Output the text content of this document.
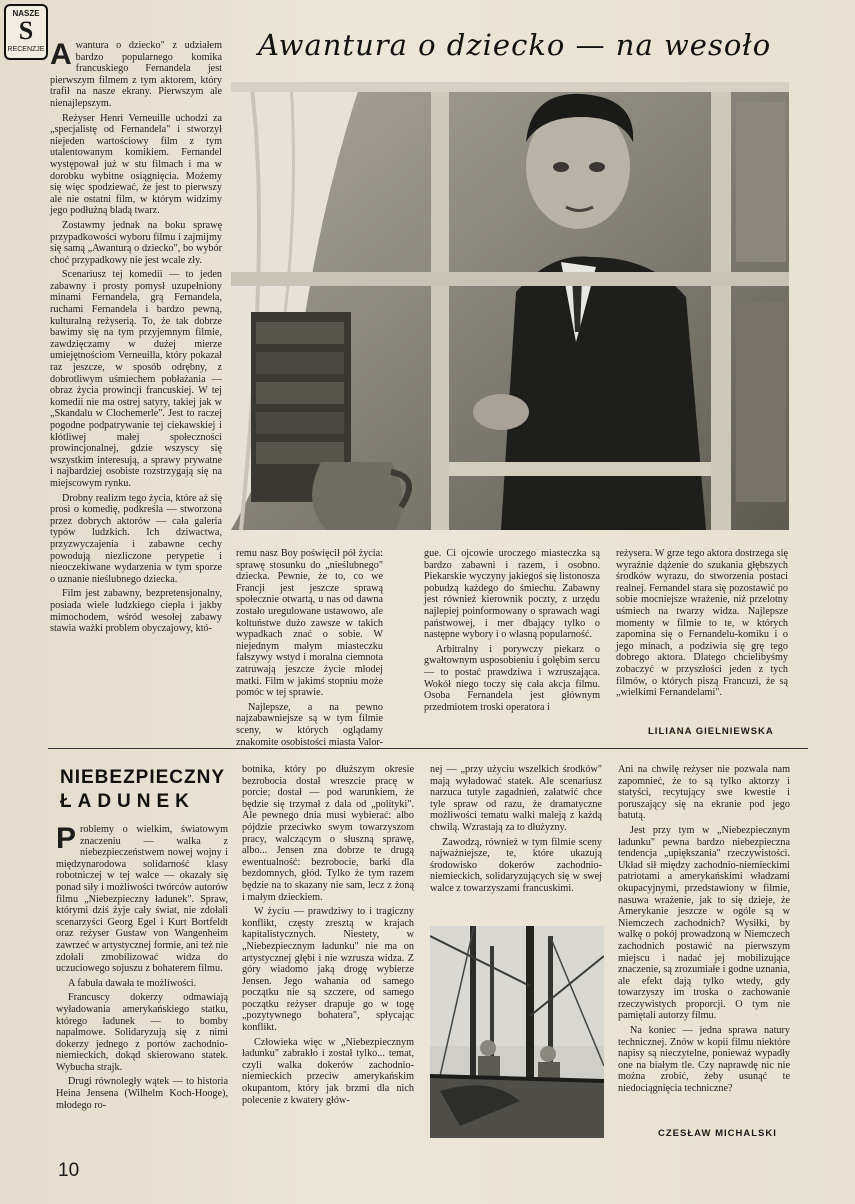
NASZE
S
RECENZJE	Awantura o dziecko — na wesoło

Awantura o dziecko" z udziałem bardzo popularnego komika francuskiego Fernandela jest pierwszym filmem z tym aktorem, który trafił na nasze ekrany. Pierwszym ale nienajlepszym.

Reżyser Henri Verneuille uchodzi za „specjalistę od Fernandela" i stworzył niejeden wartościowy film z tym utalentowanym komikiem. Fernandel występował już w stu filmach i ma w dorobku wybitne osiągnięcia. Możemy się więc spodziewać, że jest to pierwszy ale nie ostatni film, w którym widzimy jego podłużną bladą twarz.

Zostawmy jednak na boku sprawę przypadkowości wyboru filmu i zajmijmy się samą „Awanturą o dziecko", bo wybór choć przypadkowy nie jest wcale zły.

Scenariusz tej komedii — to jeden zabawny i prosty pomysł uzupełniony minami Fernandela, grą Fernandela, ruchami Fernandela i bardzo pewną, kulturalną reżyserią. To, że tak dobrze bawimy się na tym przyjemnym filmie, zawdzięczamy w dużej mierze umiejętnościom Verneuilla, który pokazał raz jeszcze, w sposób odrębny, z dobrotliwym uśmiechem pobłażania — obraz życia prowincji francuskiej. W tej komedii nie ma ostrej satyry, takiej jak w „Skandalu w Clochemerle". Jest to raczej pogodne podpatrywanie tej ciekawskiej i kłótliwej małej społeczności prowincjonalnej, gdzie wszyscy się wszystkim interesują, a sprawy prywatne i najbardziej osobiste rozstrzygają się na miejscowym rynku.

Drobny realizm tego życia, które aż się prosi o komedię, podkreśla — stworzona przez dobrych aktorów — cała galeria typów ludzkich. Ich dziwactwa, przyzwyczajenia i zabawne cechy powodują niezliczone perypetie i nieoczekiwane wydarzenia w tym sporze o uznanie nieślubnego dziecka.

Film jest zabawny, bezpretensjonalny, posiada wiele ludzkiego ciepła i jakby mimochodem, wśród wesołej zabawy stawia ważki problem obyczajowy, któ-

remu nasz Boy poświęcił pół życia: sprawę stosunku do „nieślubnego" dziecka. Pewnie, że to, co we Francji jest jeszcze sprawą społecznie otwartą, u nas od dawna zostało uregulowane ustawowo, ale koltuństwe dużo zawsze w takich wypadkach znać o sobie. W niejednym małym miasteczku fałszywy wstyd i moralna ciemnota zatruwają jeszcze życie młodej matki. Film w jakimś stopniu może pomóc w tej sprawie.

Najlepsze, a na pewno najzabawniejsze są w tym filmie sceny, w których oglądamy znakomite osobistości miasta Valor-

gue. Ci ojcowie uroczego miasteczka są bardzo zabawni i razem, i osobno. Piekarskie wyczyny jakiegoś się listonosza pobudzą każdego do śmiechu. Zabawny jest również kierownik poczty, z urzędu najlepiej poinformowany o sprawach wagi państwowej, i mer dbający tylko o następne wybory i o własną popularność.

Arbitralny i porywczy piekarz o gwałtownym usposobieniu i gołębim sercu — to postać prawdziwa i wzruszająca. Wokół niego toczy się cała akcja filmu. Osoba Fernandela jest głównym przedmiotem troski operatora i

reżysera. W grze tego aktora dostrzega się wyraźnie dążenie do szukania głębszych środków wyrazu, do stworzenia postaci realnej. Fernandel stara się pozostawić po sobie mocniejsze wrażenie, niż przelotny uśmiech na twarzy widza. Najlepsze momenty w filmie to te, w których zapomina się o Fernandelu-komiku i o jego minach, a podziwia się grę tego dobrego aktora. Dlatego chcielibyśmy zobaczyć w przyszłości jeden z tych filmów, o których piszą Francuzi, że są „wielkimi Fernandelami".

LILIANA GIELNIEWSKA
NIEBEZPIECZNY
ŁADUNEK

Problemy o wielkim, światowym znaczeniu — walka z niebezpieczeństwem nowej wojny i międzynarodowa solidarność klasy robotniczej w tej walce — okazały się ponad siły i możliwości twórców autorów filmu „Niebezpieczny ładunek". Spraw, którymi dziś żyje cały świat, nie zdołali scenarzyści Georg Egel i Kurt Bortfeldt oraz reżyser Gustaw von Wangenheim zawrzeć w artystycznej formie, ani też nie zdołali zmobilizować widza do uczuciowego sojuszu z bohaterem filmu.

A fabuła dawała te możliwości.

Francuscy dokerzy odmawiają wyładowania amerykańskiego statku, którego ładunek — to bomby napalmowe. Solidaryzują się z nimi dokerzy jednego z portów zachodnio-niemieckich, dokąd skierowano statek. Wybucha strajk.

Drugi równoległy wątek — to historia Heina Jensena (Wilhelm Koch-Hooge), młodego ro-

botnika, który po dłuższym okresie bezrobocia dostał wreszcie pracę w porcie; dostał — pod warunkiem, że będzie się trzymał z dala od „polityki". Ale pewnego dnia musi wybierać: albo pójdzie przeciwko swym towarzyszom pracy, walczącym o słuszną sprawę, albo... Jensen zna dobrze te drugą ewentualność: bezrobocie, barki dla bezdomnych, głód. Tylko że tym razem będzie na to skazany nie sam, lecz z żoną i małym dzieckiem.

W życiu — prawdziwy to i tragiczny konflikt, częsty zresztą w krajach kapitalistycznych. Niestety, w „Niebezpiecznym ładunku" nie ma on artystycznej głębi i nie wzrusza widza. Z góry wiadomo jaką drogę wybierze Jensen. Jego wahania od samego początku nie są szczere, od samego początku reżyser drapuje go w togę „pozytywnego bohatera", spłycając konflikt.

Człowieka więc w „Niebezpiecznym ładunku" zabrakło i został tylko... temat, czyli walka dokerów zachodnio-niemieckich przeciw amerykańskim okupantom, który jak brzmi dla nich polecenie z kwatery głów-

nej — „przy użyciu wszelkich środków" mają wyładować statek. Ale scenariusz narzuca tutyle zagadnień, załatwić chce tyle spraw od razu, że dramatyczne możliwości tematu walki maleją z każdą chwilą. Wzrastają za to dłużyzny.

Zawodzą, również w tym filmie sceny najważniejsze, te, które ukazują środowisko dokerów zachodnio-niemieckich, solidaryzujących się w swej walce z towarzyszami francuskimi.

Ani na chwilę reżyser nie pozwala nam zapomnieć, że to są tylko aktorzy i statyści, recytujący swe kwestie i poruszający się na ekranie pod jego batutą.

Jest przy tym w „Niebezpiecznym ładunku" pewna bardzo niebezpieczna tendencja „upiększania" rzeczywistości. Układ sił między zachodnio-niemieckimi patriotami a amerykańskimi władzami okupacyjnymi, przedstawiony w filmie, nasuwa wrażenie, jak to się dzieje, że Amerykanie jeszcze w ogóle są w Niemczech zachodnich? Wysiłki, by walkę o pokój prowadzoną w Niemczech zachodnich postawić na pierwszym miejscu i nadać jej mobilizujące znaczenie, są zrozumiałe i godne uznania, ale efekt dają tylko wtedy, gdy towarzyszy im troska o zachowanie rzeczywistych proporcji. O tym nie pamiętali autorzy filmu.

Na koniec — jedna sprawa natury technicznej. Znów w kopii filmu niektóre napisy są nieczytelne, ponieważ wypadły one na białym tle. Czy naprawdę nic nie można zrobić, żeby usunąć te niedociągnięcia techniczne?

CZESŁAW MICHALSKI
10
